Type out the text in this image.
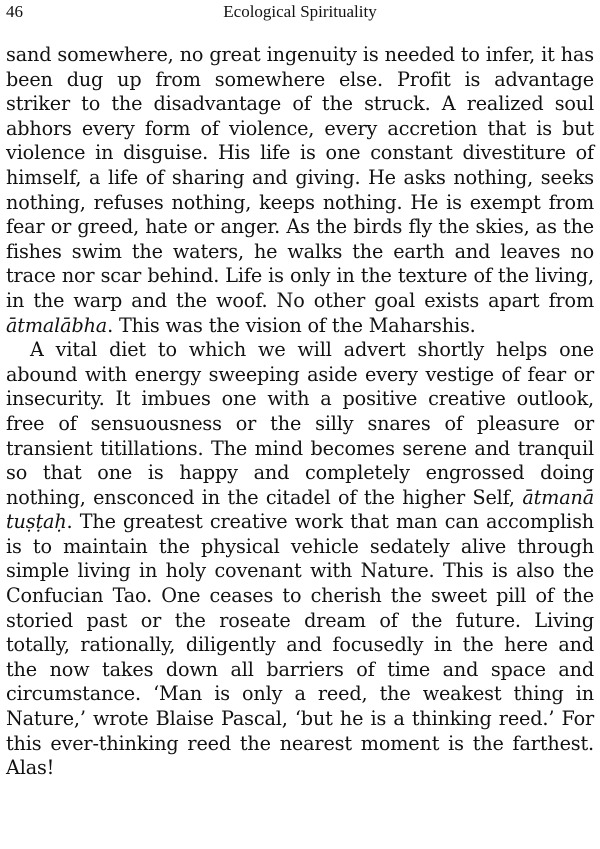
46	Ecological Spirituality

sand somewhere, no great ingenuity is needed to infer, it has been dug up from somewhere else. Profit is advantage striker to the disadvantage of the struck. A realized soul abhors every form of violence, every accretion that is but violence in disguise. His life is one constant divestiture of himself, a life of sharing and giving. He asks nothing, seeks nothing, refuses nothing, keeps nothing. He is exempt from fear or greed, hate or anger. As the birds fly the skies, as the fishes swim the waters, he walks the earth and leaves no trace nor scar behind. Life is only in the texture of the living, in the warp and the woof. No other goal exists apart from ātmalābha. This was the vision of the Maharshis.

A vital diet to which we will advert shortly helps one abound with energy sweeping aside every vestige of fear or insecurity. It imbues one with a positive creative outlook, free of sensuousness or the silly snares of pleasure or transient titillations. The mind becomes serene and tranquil so that one is happy and completely engrossed doing nothing, ensconced in the citadel of the higher Self, ātmanā tuṣṭaḥ. The greatest creative work that man can accomplish is to maintain the physical vehicle sedately alive through simple living in holy covenant with Nature. This is also the Confucian Tao. One ceases to cherish the sweet pill of the storied past or the roseate dream of the future. Living totally, rationally, diligently and focusedly in the here and the now takes down all barriers of time and space and circumstance. ‘Man is only a reed, the weakest thing in Nature,’ wrote Blaise Pascal, ‘but he is a thinking reed.’ For this ever-thinking reed the nearest moment is the farthest. Alas!
